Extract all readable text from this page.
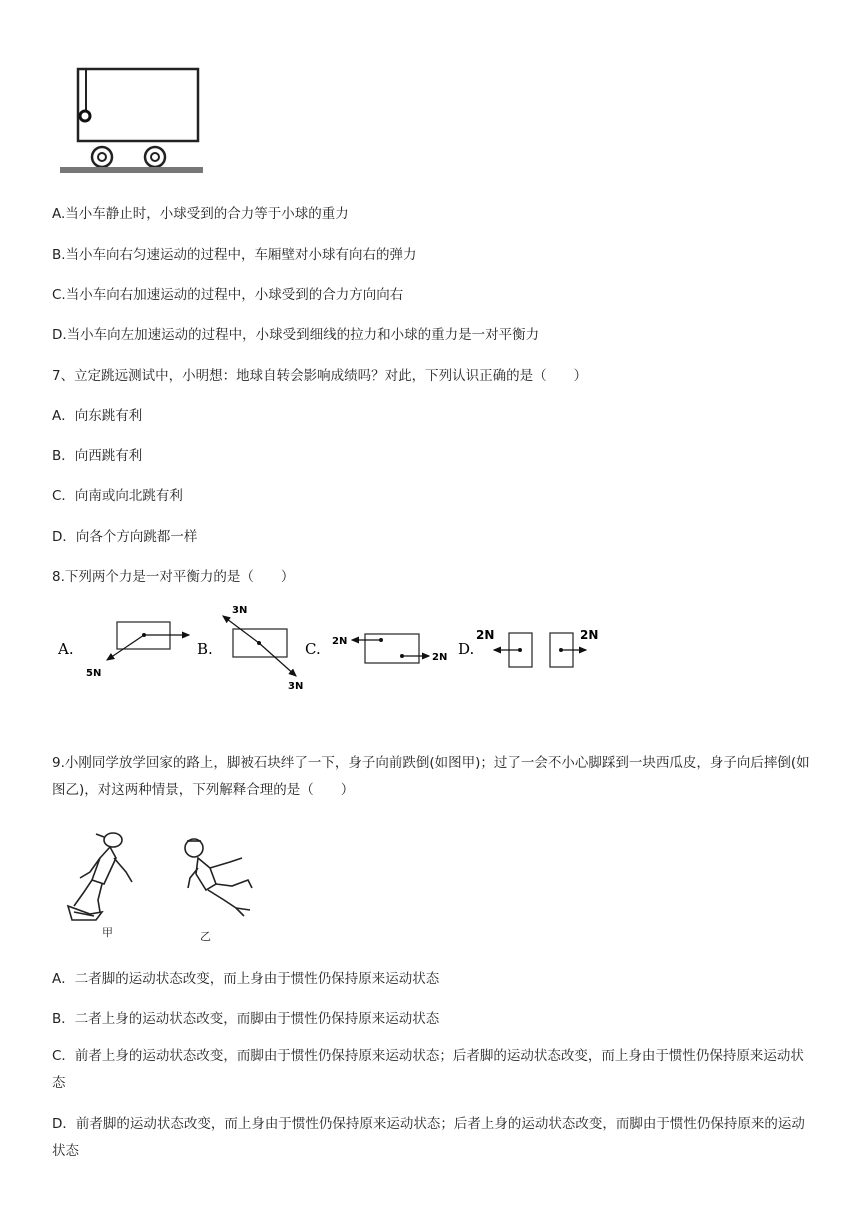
A.当小车静止时，小球受到的合力等于小球的重力
B.当小车向右匀速运动的过程中，车厢壁对小球有向右的弹力
C.当小车向右加速运动的过程中，小球受到的合力方向向右
D.当小车向左加速运动的过程中，小球受到细线的拉力和小球的重力是一对平衡力
7、立定跳远测试中，小明想：地球自转会影响成绩吗？对此，下列认识正确的是（　　）
A．向东跳有利
B．向西跳有利
C．向南或向北跳有利
D．向各个方向跳都一样
8.下列两个力是一对平衡力的是（　　）
A.
5N
B.
3N
3N
C. 2N
2N D.
2N	2N
9.小刚同学放学回家的路上，脚被石块绊了一下，身子向前跌倒(如图甲)；过了一会不小心脚踩到一块西瓜皮，身子向后摔倒(如图乙)，对这两种情景，下列解释合理的是（　　）
甲	乙
A．二者脚的运动状态改变，而上身由于惯性仍保持原来运动状态
B．二者上身的运动状态改变，而脚由于惯性仍保持原来运动状态
C．前者上身的运动状态改变，而脚由于惯性仍保持原来运动状态；后者脚的运动状态改变，而上身由于惯性仍保持原来运动状态
D．前者脚的运动状态改变，而上身由于惯性仍保持原来运动状态；后者上身的运动状态改变，而脚由于惯性仍保持原来的运动状态
